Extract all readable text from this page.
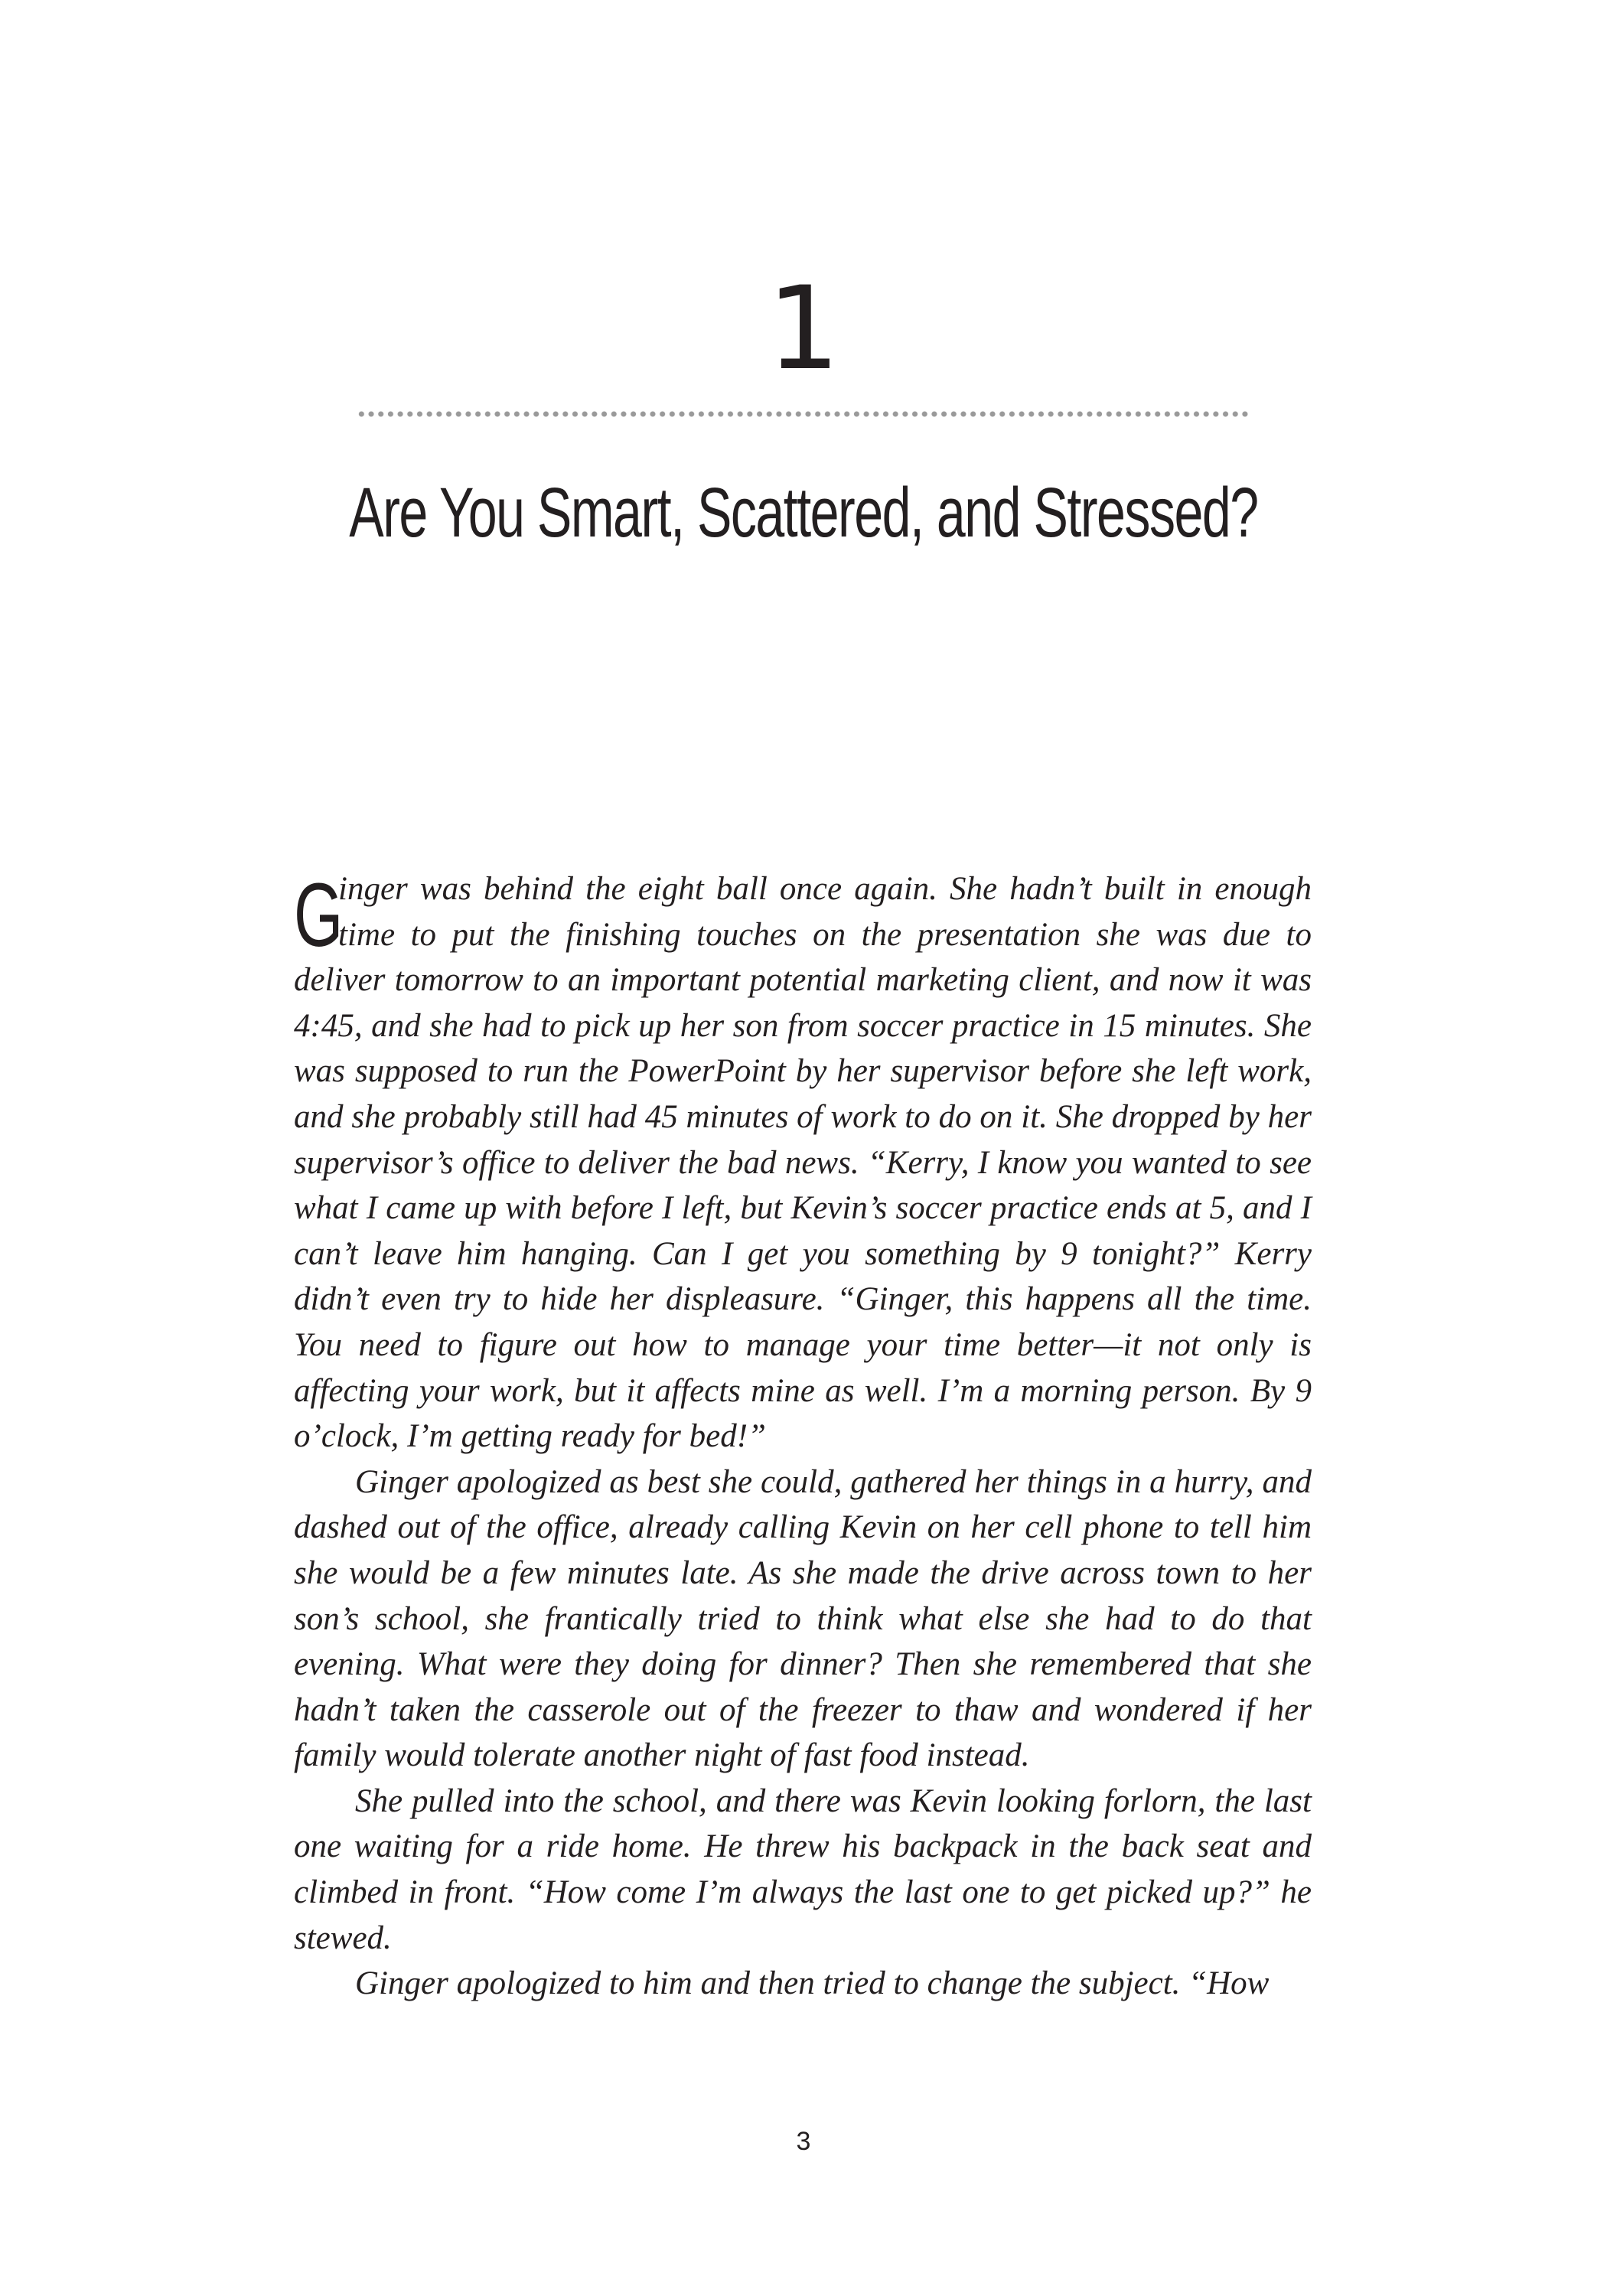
1
Are You Smart, Scattered, and Stressed?

G
inger was behind the eight ball once again. She hadn’t built in enough time to put the finishing touches on the presentation she was due to deliver tomorrow to an important potential marketing client, and now it was 4:45, and she had to pick up her son from soccer practice in 15 minutes. She was supposed to run the PowerPoint by her supervisor before she left work, and she probably still had 45 minutes of work to do on it. She dropped by her supervisor’s office to deliver the bad news. “Kerry, I know you wanted to see what I came up with before I left, but Kevin’s soccer practice ends at 5, and I can’t leave him hanging. Can I get you something by 9 tonight?” Kerry didn’t even try to hide her displeasure. “Ginger, this happens all the time. You need to figure out how to manage your time better—it not only is affecting your work, but it affects mine as well. I’m a morning person. By 9 o’clock, I’m getting ready for bed!”

Ginger apologized as best she could, gathered her things in a hurry, and dashed out of the office, already calling Kevin on her cell phone to tell him she would be a few minutes late. As she made the drive across town to her son’s school, she frantically tried to think what else she had to do that evening. What were they doing for dinner? Then she remembered that she hadn’t taken the casserole out of the freezer to thaw and wondered if her family would tolerate another night of fast food instead.

She pulled into the school, and there was Kevin looking forlorn, the last one waiting for a ride home. He threw his backpack in the back seat and climbed in front. “How come I’m always the last one to get picked up?” he stewed.

Ginger apologized to him and then tried to change the subject. “How

3
